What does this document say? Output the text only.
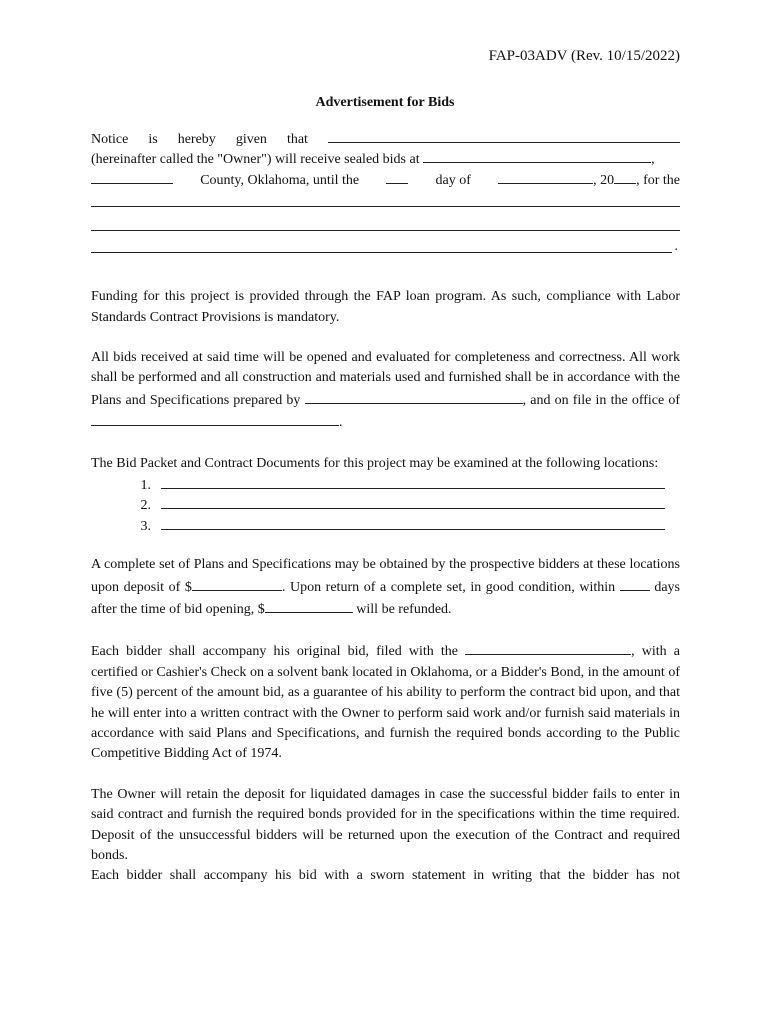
FAP-03ADV (Rev. 10/15/2022)
Advertisement for Bids
Notice is hereby given that
(hereinafter called the "Owner") will receive sealed bids at	,
County, Oklahoma, until the	day of	, 20 , for the
.
Funding for this project is provided through the FAP loan program. As such, compliance with Labor Standards Contract Provisions is mandatory.
All bids received at said time will be opened and evaluated for completeness and correctness. All work shall be performed and all construction and materials used and furnished shall be in accordance with the Plans and Specifications prepared by	, and on file in the office of .
The Bid Packet and Contract Documents for this project may be examined at the following locations:
1.
2.
3.
A complete set of Plans and Specifications may be obtained by the prospective bidders at these locations upon deposit of $	. Upon return of a complete set, in good condition, within	days after the time of bid opening, $	will be refunded.
Each bidder shall accompany his original bid, filed with the	, with a certified or Cashier's Check on a solvent bank located in Oklahoma, or a Bidder's Bond, in the amount of five (5) percent of the amount bid, as a guarantee of his ability to perform the contract bid upon, and that he will enter into a written contract with the Owner to perform said work and/or furnish said materials in accordance with said Plans and Specifications, and furnish the required bonds according to the Public Competitive Bidding Act of 1974.
The Owner will retain the deposit for liquidated damages in case the successful bidder fails to enter in said contract and furnish the required bonds provided for in the specifications within the time required. Deposit of the unsuccessful bidders will be returned upon the execution of the Contract and required bonds.
Each bidder shall accompany his bid with a sworn statement in writing that the bidder has not
